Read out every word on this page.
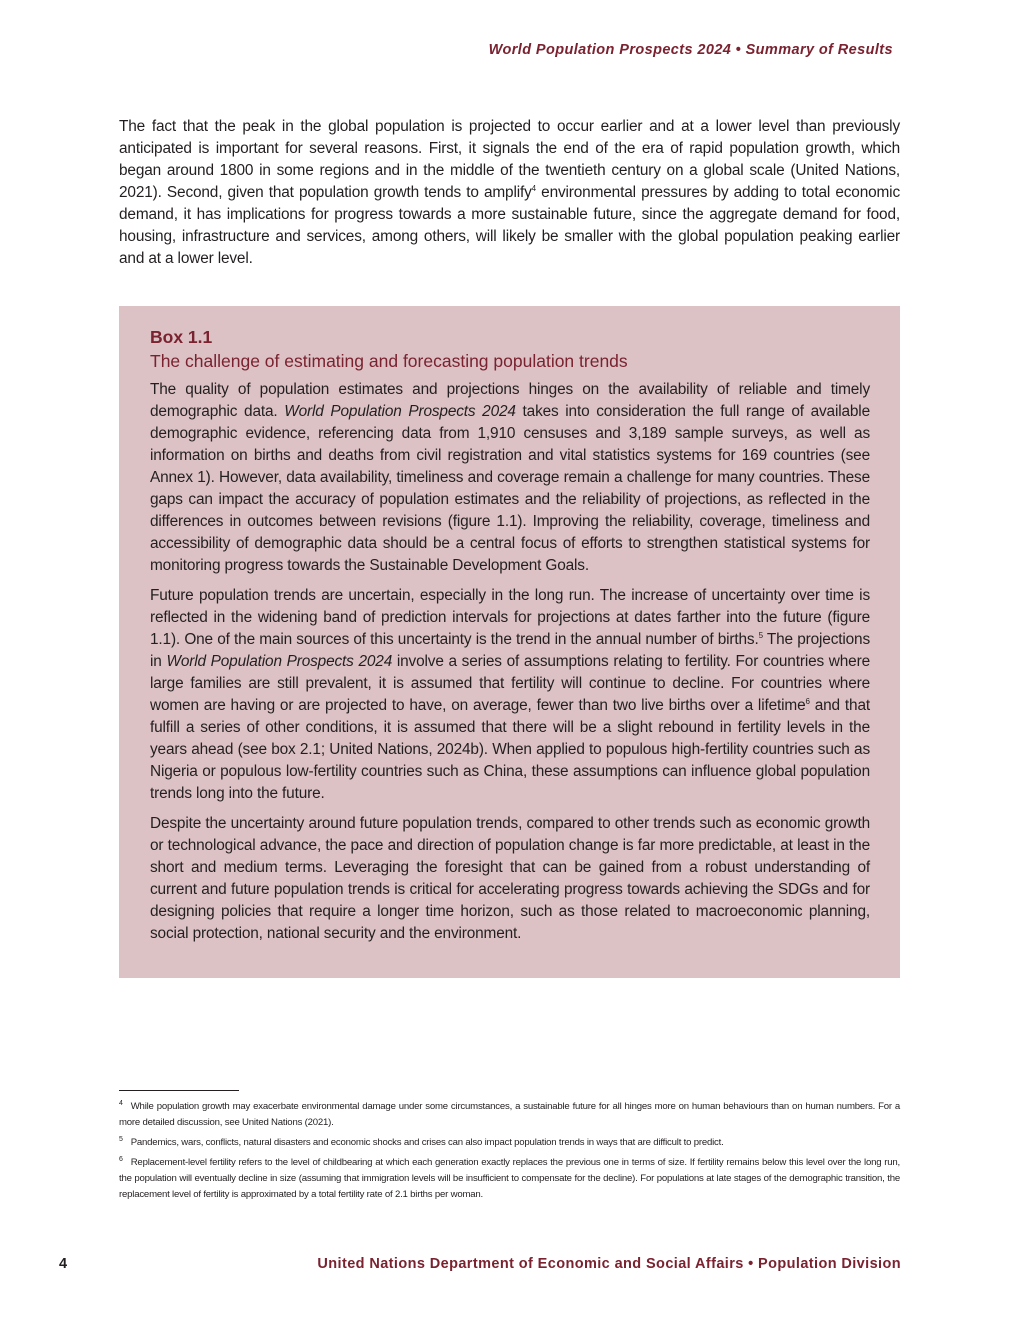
World Population Prospects 2024 • Summary of Results

The fact that the peak in the global population is projected to occur earlier and at a lower level than previously anticipated is important for several reasons. First, it signals the end of the era of rapid population growth, which began around 1800 in some regions and in the middle of the twentieth century on a global scale (United Nations, 2021). Second, given that population growth tends to amplify$^4$ environmental pressures by adding to total economic demand, it has implications for progress towards a more sustainable future, since the aggregate demand for food, housing, infrastructure and services, among others, will likely be smaller with the global population peaking earlier and at a lower level.

Box 1.1
The challenge of estimating and forecasting population trends

The quality of population estimates and projections hinges on the availability of reliable and timely demographic data. World Population Prospects 2024 takes into consideration the full range of available demographic evidence, referencing data from 1,910 censuses and 3,189 sample surveys, as well as information on births and deaths from civil registration and vital statistics systems for 169 countries (see Annex 1). However, data availability, timeliness and coverage remain a challenge for many countries. These gaps can impact the accuracy of population estimates and the reliability of projections, as reflected in the differences in outcomes between revisions (figure 1.1). Improving the reliability, coverage, timeliness and accessibility of demographic data should be a central focus of efforts to strengthen statistical systems for monitoring progress towards the Sustainable Development Goals.

Future population trends are uncertain, especially in the long run. The increase of uncertainty over time is reflected in the widening band of prediction intervals for projections at dates farther into the future (figure 1.1). One of the main sources of this uncertainty is the trend in the annual number of births.$^5$ The projections in World Population Prospects 2024 involve a series of assumptions relating to fertility. For countries where large families are still prevalent, it is assumed that fertility will continue to decline. For countries where women are having or are projected to have, on average, fewer than two live births over a lifetime$^6$ and that fulfill a series of other conditions, it is assumed that there will be a slight rebound in fertility levels in the years ahead (see box 2.1; United Nations, 2024b). When applied to populous high-fertility countries such as Nigeria or populous low-fertility countries such as China, these assumptions can influence global population trends long into the future.

Despite the uncertainty around future population trends, compared to other trends such as economic growth or technological advance, the pace and direction of population change is far more predictable, at least in the short and medium terms. Leveraging the foresight that can be gained from a robust understanding of current and future population trends is critical for accelerating progress towards achieving the SDGs and for designing policies that require a longer time horizon, such as those related to macroeconomic planning, social protection, national security and the environment.

$^4$ While population growth may exacerbate environmental damage under some circumstances, a sustainable future for all hinges more on human behaviours than on human numbers. For a more detailed discussion, see United Nations (2021).

$^5$ Pandemics, wars, conflicts, natural disasters and economic shocks and crises can also impact population trends in ways that are difficult to predict.

$^6$ Replacement-level fertility refers to the level of childbearing at which each generation exactly replaces the previous one in terms of size. If fertility remains below this level over the long run, the population will eventually decline in size (assuming that immigration levels will be insufficient to compensate for the decline). For populations at late stages of the demographic transition, the replacement level of fertility is approximated by a total fertility rate of 2.1 births per woman.

4	United Nations Department of Economic and Social Affairs • Population Division
